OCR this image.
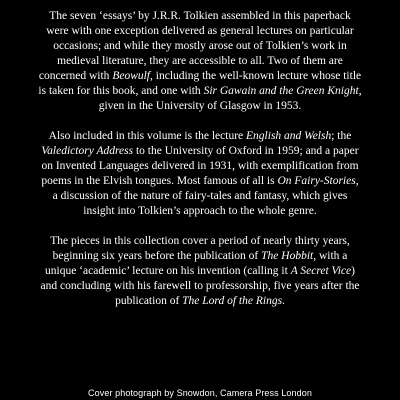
The seven ‘essays’ by J.R.R. Tolkien assembled in this paperback were with one exception delivered as general lectures on particular occasions; and while they mostly arose out of Tolkien’s work in medieval literature, they are accessible to all. Two of them are concerned with Beowulf, including the well-known lecture whose title is taken for this book, and one with Sir Gawain and the Green Knight, given in the University of Glasgow in 1953.

Also included in this volume is the lecture English and Welsh; the Valedictory Address to the University of Oxford in 1959; and a paper on Invented Languages delivered in 1931, with exemplification from poems in the Elvish tongues. Most famous of all is On Fairy-Stories, a discussion of the nature of fairy-tales and fantasy, which gives insight into Tolkien’s approach to the whole genre.

The pieces in this collection cover a period of nearly thirty years, beginning six years before the publication of The Hobbit, with a unique ‘academic’ lecture on his invention (calling it A Secret Vice) and concluding with his farewell to professorship, five years after the publication of The Lord of the Rings.

Cover photograph by Snowdon, Camera Press London
